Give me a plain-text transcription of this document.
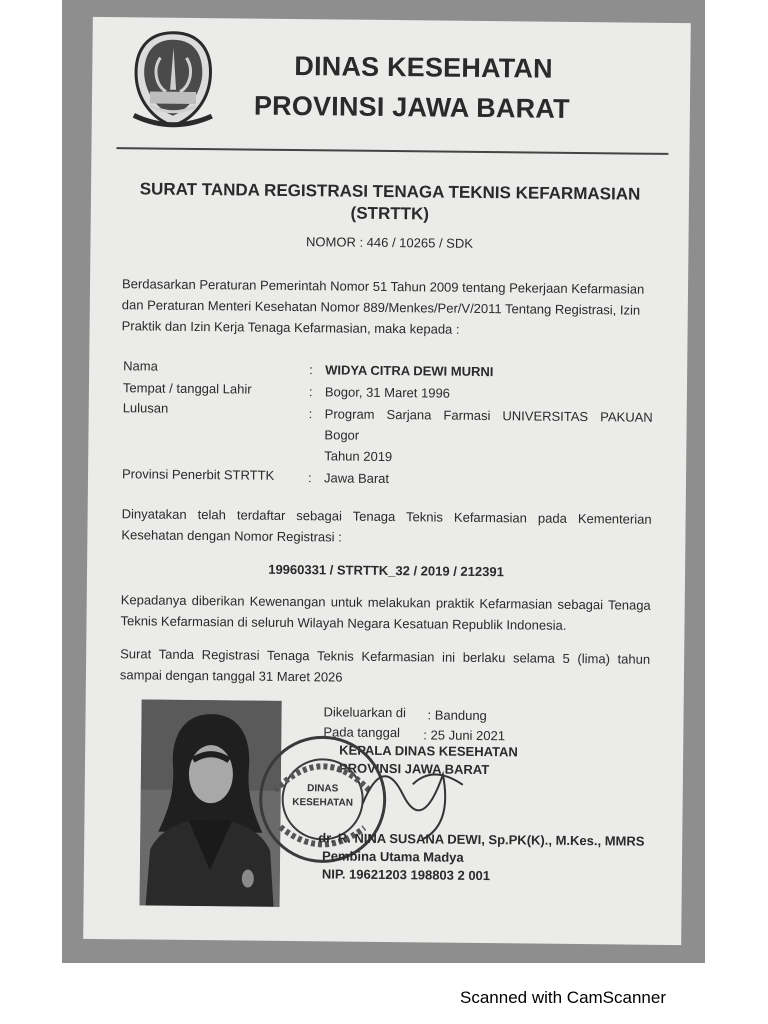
DINAS KESEHATAN
PROVINSI JAWA BARAT
SURAT TANDA REGISTRASI TENAGA TEKNIS KEFARMASIAN
(STRTTK)
NOMOR : 446 / 10265 / SDK
Berdasarkan Peraturan Pemerintah Nomor 51 Tahun 2009 tentang Pekerjaan Kefarmasian
dan Peraturan Menteri Kesehatan Nomor 889/Menkes/Per/V/2011 Tentang Registrasi, Izin
Praktik dan Izin Kerja Tenaga Kefarmasian, maka kepada :
Nama	: WIDYA CITRA DEWI MURNI
Tempat / tanggal Lahir	: Bogor, 31 Maret 1996
Lulusan	: Program Sarjana Farmasi UNIVERSITAS PAKUAN
Bogor
Tahun 2019
Provinsi Penerbit STRTTK	: Jawa Barat
Dinyatakan telah terdaftar sebagai Tenaga Teknis Kefarmasian pada Kementerian
Kesehatan dengan Nomor Registrasi :
19960331 / STRTTK_32 / 2019 / 212391
Kepadanya diberikan Kewenangan untuk melakukan praktik Kefarmasian sebagai Tenaga
Teknis Kefarmasian di seluruh Wilayah Negara Kesatuan Republik Indonesia.
Surat Tanda Registrasi Tenaga Teknis Kefarmasian ini berlaku selama 5 (lima) tahun
sampai dengan tanggal 31 Maret 2026
Dikeluarkan di : Bandung
Pada tanggal : 25 Juni 2021
KEPALA DINAS KESEHATAN
PROVINSI JAWA BARAT
DINAS
KESEHATAN
dr. R. NINA SUSANA DEWI, Sp.PK(K)., M.Kes., MMRS
Pembina Utama Madya
NIP. 19621203 198803 2 001
Scanned with CamScanner
